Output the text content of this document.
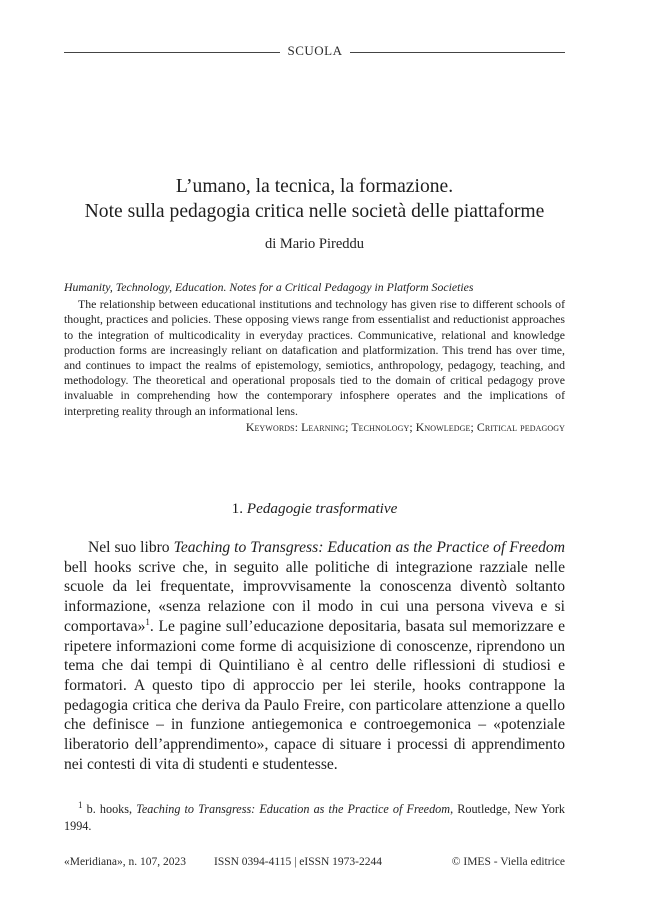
SCUOLA
L’umano, la tecnica, la formazione.
Note sulla pedagogia critica nelle società delle piattaforme
di Mario Pireddu
Humanity, Technology, Education. Notes for a Critical Pedagogy in Platform Societies
The relationship between educational institutions and technology has given rise to different schools of thought, practices and policies. These opposing views range from essentialist and reductionist approaches to the integration of multicodicality in everyday practices. Communicative, relational and knowledge production forms are increasingly reliant on datafication and platformization. This trend has over time, and continues to impact the realms of epistemology, semiotics, anthropology, pedagogy, teaching, and methodology. The theoretical and operational proposals tied to the domain of critical pedagogy prove invaluable in comprehending how the contemporary infosphere operates and the implications of interpreting reality through an informational lens.
Keywords: Learning; Technology; Knowledge; Critical pedagogy
1. Pedagogie trasformative
Nel suo libro Teaching to Transgress: Education as the Practice of Freedom bell hooks scrive che, in seguito alle politiche di integrazione razziale nelle scuole da lei frequentate, improvvisamente la conoscenza diventò soltanto informazione, «senza relazione con il modo in cui una persona viveva e si comportava»$^1$. Le pagine sull’educazione depositaria, basata sul memorizzare e ripetere informazioni come forme di acquisizione di conoscenze, riprendono un tema che dai tempi di Quintiliano è al centro delle riflessioni di studiosi e formatori. A questo tipo di approccio per lei sterile, hooks contrappone la pedagogia critica che deriva da Paulo Freire, con particolare attenzione a quello che definisce – in funzione antiegemonica e controegemonica – «potenziale liberatorio dell’apprendimento», capace di situare i processi di apprendimento nei contesti di vita di studenti e studentesse.
$^1$ b. hooks, Teaching to Transgress: Education as the Practice of Freedom, Routledge, New York 1994.
«Meridiana», n. 107, 2023 ISSN 0394-4115 | eISSN 1973-2244	© IMES - Viella editrice
